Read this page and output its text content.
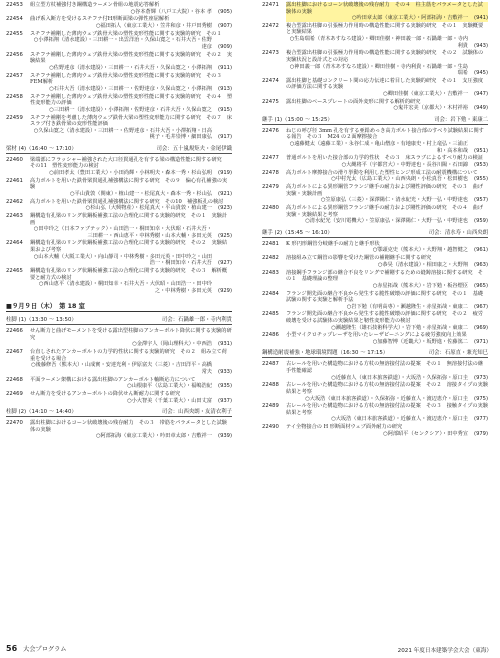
22453	組立型方杖補強付き鋼構造ラーメン骨組の地震応答解析
○谷本蒼輝（八戸工大院）・谷本 孝	(905)
22454	曲げ系入断方を受けるスチフナ付H形断面梁の弾性座屈解析
○福田拓人（東京工業大）・笠井和彦・井戸田秀樹	(907)
22455	スチフナ補剛した薄肉ウェブ鉄骨大梁の塑性変形性能に関する実験的研究　その１
○小澤拓翔（清水建設）・三田耕一・出雲洋治・久保山寛之・石井大吾・佐野達彦	(909)
22456	スチフナ補剛した薄肉ウェブ鉄骨大梁の塑性変形性能に関する実験的研究　その２　実験結果
○佐野達彦（清水建設）・三田耕一・石井大吾・久保山寛之・小澤拓翔	(911)
22457	スチフナ補剛した薄肉ウェブ鉄骨大梁の塑性変形性能に関する実験的研究　その３　FEM解析
○石井大吾（清水建設）・三田耕一・佐野達彦・久保山寛之・小澤拓翔	(913)
22458	スチフナ補剛した薄肉ウェブ鉄骨大梁の塑性変形性能に関する実験的研究　その４　塑性変形能力の評価
○三田耕一（清水建設）・小澤拓翔・佐野達彦・石井大吾・久保山寛之	(915)
22459	スチフナ補剛を考慮した薄肉ウェブ鉄骨大梁の塑性変形能力に関する研究　その７　床スラブ付き鉄骨梁の変形性能評価
○久保山寛之（清水建設）・三田耕一・佐野達彦・石井大吾・小澤拓翔・日高桃子・毛井崇博・細田康弘	(917)
梁材 (4)（16:40 ～ 17:10）	司会：五十嵐規矩夫・金尾伊織
22460	梁端部にフラッシャー補強された大口径貫通孔を有する梁の構造性能に関する研究　その11　塑性変形能力の検討
○前田孝太（豊田工業大）・小田尚輝・小林明夫・森本一秀・杉山弘明	(919)
22461	高力ボルトを用いた鉄骨梁貫通孔補強構法に関する研究　その９　偏心有孔補強の実験
○平山貴敦（関東）・植山建一・松尾真大・森本一秀・杉山弘	(921)
22462	高力ボルトを用いた鉄骨梁貫通孔補強構法に関する研究　その10　補強板孔の検討
○杉山弘（大興物産）・松尾真大・平山貴敦・植山建一	(923)
22463	鋼構造有孔梁のリング状鋼板補強工法の合理化に関する実験的研究　その１　実験計画
○田中玲之（日本ファブテック）・山田浩一・桐田知幸・大伏昭・石井大吾・三田耕一・西山恵平・中林秀樹・山本大輔・多田元英	(925)
22464	鋼構造有孔梁のリング状鋼板補強工法の合理化に関する実験的研究　その２　実験結果および考察
○山本大輔（大阪工業大）・向山靜司・中林秀樹・多田元英・田中玲之・山田浩一・桐田知幸・石井大吾	(927)
22465	鋼構造有孔梁のリング状鋼板補強工法の合理化に関する実験的研究　その３　解析概要と耐力式の検討
○西山恵平（清水建設）・桐田知幸・石井大吾・大伏昭・山田浩一・田中玲之・中林秀樹・多田元英	(929)
■９月９日（木）　第 18 室
柱脚 (1)（13:30 ～ 13:50）	司会：石鍋雄一郎・寺内利貴
22466	せん断力と曲げモーメントを受ける露出型柱脚のアンカーボルト降伏に関する実験的研究
○金澤宇人（岡山理科大）・中西浩	(931)
22467	台直しされたアンカーボルトの力学的性状に関する実験的研究　その２　組み立て荷重を受ける場合
○後藤修吾（熊本大）・山成實・安達光利・伊原富夫（三菱）・吉田洋平・高橋常夫	(933)
22468	平面ラーメン架構における露出柱脚のアンカーボルト軸断応力について
○山根康平（広島工業大）・福嶋浩紀	(935)
22469	せん断力を受けるアンカーボルトの降伏せん断耐力に関する研究
○小大智美（千葉工業大）・山田丈富	(937)
柱脚 (2)（14:10 ～ 14:40）	司会：山西央朗・友清衣利子
22470	露出柱脚におけるコーン状破壊後の残存耐力　その３　帯筋をパラメータとした試験体の実験
○阿部拓海（東京工業大）・吟田章太郎・吉敷祥一	(939)
22471	露出柱脚におけるコーン状破壊後の残存耐力　その４　柱主筋をパラメータとした試験体の実験
○吟田章太郎（東京工業大）・阿部拓海・吉敷祥一	(941)
22472	複合型露出柱脚の引張極力作用時の構造性能に関する実験的研究　その１　実験概要と実験結果
○生島瑞希（青木あすなろ建設）・卿田佳樹・神田義一郎・石鍋雄一郎・寺内利貴	(943)
22473	複合型露出柱脚の引張極力作用時の構造性能に関する実験的研究　その２　試験体の実験状況と設計式との対応
○神田義一郎（青木あすなろ建設）・卿田佳樹・寺内利貴・石鍋雄一郎・生島瑞希	(945)
22474	露出柱脚と基礎コンクリート間の応力伝達に着目した実験的研究　その１　支圧強度の評価方法に関する実験
○卿田佳樹（東京工業大）・吉敷祥一	(947)
22475	露出柱脚のベースプレートの面外変形に関する解析的研究
○鬼井宏美（京都大）・木村祥裕	(949)
継手 (1)（15:00 ～ 15:25）	司会：岩下勉・東康二
22476	ねじの呼び径 3mm 孔を有する亜鉛めっき高力ボルト接合部のすべり試験結果に関する報告　その３　M24 の２面摩擦接合
○遠藤健太（遠藤工業）・永谷仁成・亀山僧彦・有地康史・村上竜弘・三浦正和・高本和哉	(951)
22477	普通ボルトを用いた接合部の力学的性状　その３　床スラブによるすべり耐力の検証
○大縄将平（宇都宮大）・中野達也・長谷川陽・石田錦	(953)
22478	高力ボルト摩擦接合の滑り挙動を利用した塑性ヒンジ形成工法の耐震機構について
○中村光太（広島工業大）・山西央朗・小松真吾・松田樹也	(955)
22479	高力ボルトによる異形鋼管フランジ継手の耐力および剛性評価の研究　その３　曲げ実験・実験計画
○笠原康弘（三菱）・深澤陽仁・清水紀光・大野一弘・中野達也	(957)
22480	高力ボルトによる異形鋼管フランジ継手の耐力および剛性評価の研究　その４　曲げ実験・実験結果と考察
○清水紀光（安川電機大）・笠原康弘・深澤陽仁・大野一弘・中野達也	(959)
継手 (2)（15:45 ～ 16:10）	司会：清水寿・山西央朗
22481	K 形円形鋼管分岐継手の耐力と継手形状
○鄂頭克史（熊本大）・大野翔・越智健之	(961)
22482	溶接組み立て鋼管の影響を受けた鋼管の補剛継手に関する研究
○恭昊（清水建設）・相田康之・大野翔	(963)
22483	溶接鋼手フランジ部の継合不良をリングで補剛するための縫鋳溶接に関する研究　その１　基礎理論の整理
○赤星拓哉（熊本大）・岩下勉・板谷煙臣	(965)
22484	フランジ開先面の継合不良から発生する脆性破壊の評価に関する研究　その１　基礎試験の関する実験と解析手法
○岩下勉（有明高専）・瀬越隆生・赤星拓哉・東康二	(967)
22485	フランジ開先面の継合不良から発生する脆性破壊の評価に関する研究　その２　疲労破壊を受ける試験体の実験結果と靭性変形能力の検討
○瀬越隆生（雄石技術科学大）・岩下勉・赤星拓哉・東康二	(969)
22486	小型マイクロチップレーザを用いたレーザピーニングによる疲労強度向上効果
○加藤智博（近畿大）・坂野進・佐藤篤二	(971)
鋼構造耐震補強・地球環境問題（16:30 ～ 17:15）	司会：石原直・兼光知巳
22487	古レールを用いた構造物における方杖の無溶接付法の提案　その１　無溶接付法の継手性能確認
○近藤直人（東日本旅客鉄道）・大坂浩・久保拓弥・原口圭	(973)
22488	古レールを用いた構造物における方杖の無溶接付法の提案　その２　溶接タイプの実験結果と考察
○大坂浩（東日本旅客鉄道）・久保拓弥・近藤直人・渡辺恵介・原口圭	(975)
22489	古レールを用いた構造物における方杖の無溶接付法の提案　その３　接触タイプの実験結果と考察
○大坂浩（東日本旅客鉄道）・近藤直人・渡辺恵介・原口圭	(977)
22490	テイ全物接合の H 形断面材ウェブ面外耐力の研究
○阿部昭平（センクシア）・田中秀宣	(979)
56 大会プログラム	2021 年度日本建築学会大会（東海）
